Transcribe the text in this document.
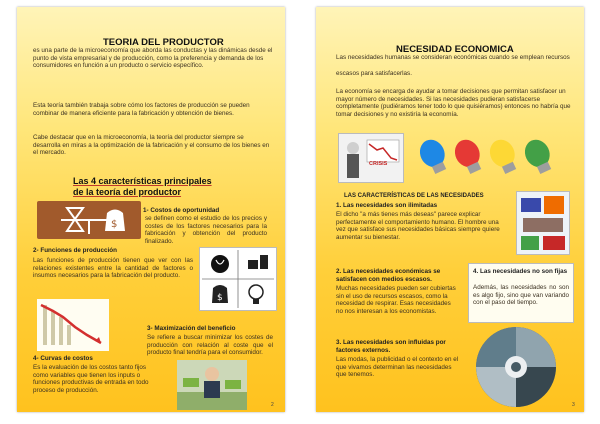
TEORIA DEL PRODUCTOR

es una parte de la microeconomía que aborda las conductas y las dinámicas desde el punto de vista empresarial y de producción, como la preferencia y demanda de los consumidores en función a un producto o servicio específico.

Esta teoría también trabaja sobre cómo los factores de producción se pueden combinar de manera eficiente para la fabricación y obtención de bienes.

Cabe destacar que en la microeconomía, la teoría del productor siempre se desarrolla en miras a la optimización de la fabricación y el consumo de los bienes en el mercado.

Las 4 características principales

de la teoría del productor

$

1- Costos de oportunidad

se definen como el estudio de los precios y costes de los factores necesarios para la fabricación y obtención del producto finalizado.

2- Funciones de producción

Las funciones de producción tienen que ver con las relaciones existentes entre la cantidad de factores o insumos necesarios para la fabricación del producto.

$

3- Maximización del beneficio

Se refiere a buscar minimizar los costes de producción con relación al coste que el producto final tendría para el consumidor.

4- Curvas de costos

Es la evaluación de los costos tanto fijos como variables que tienen los inputs o funciones productivas de entrada en todo proceso de producción.

2

NECESIDAD ECONOMICA

Las necesidades humanas se consideran económicas cuando se emplean recursos

escasos para satisfacerlas.

La economía se encarga de ayudar a tomar decisiones que permitan satisfacer un mayor número de necesidades. Si las necesidades pudieran satisfacerse completamente (pudiéramos tener todo lo que quisiéramos) entonces no habría que tomar decisiones y no existiría la economía.

CRISIS

LAS CARACTERÍSTICAS DE LAS NECESIDADES

1. Las necesidades son ilimitadas

El dicho "a más tienes más deseas" parece explicar perfectamente el comportamiento humano. El hombre una vez que satisface sus necesidades básicas siempre quiere aumentar su bienestar.

2. Las necesidades económicas se satisfacen con medios escasos.

Muchas necesidades pueden ser cubiertas sin el uso de recursos escasos, como la necesidad de respirar. Esas necesidades no nos interesan a los economistas.

4. Las necesidades no son fijas

Además, las necesidades no son es algo fijo, sino que van variando con el paso del tiempo.

3. Las necesidades son influidas por factores externos.

Las modas, la publicidad o el contexto en el que vivamos determinan las necesidades que tenemos.

3
